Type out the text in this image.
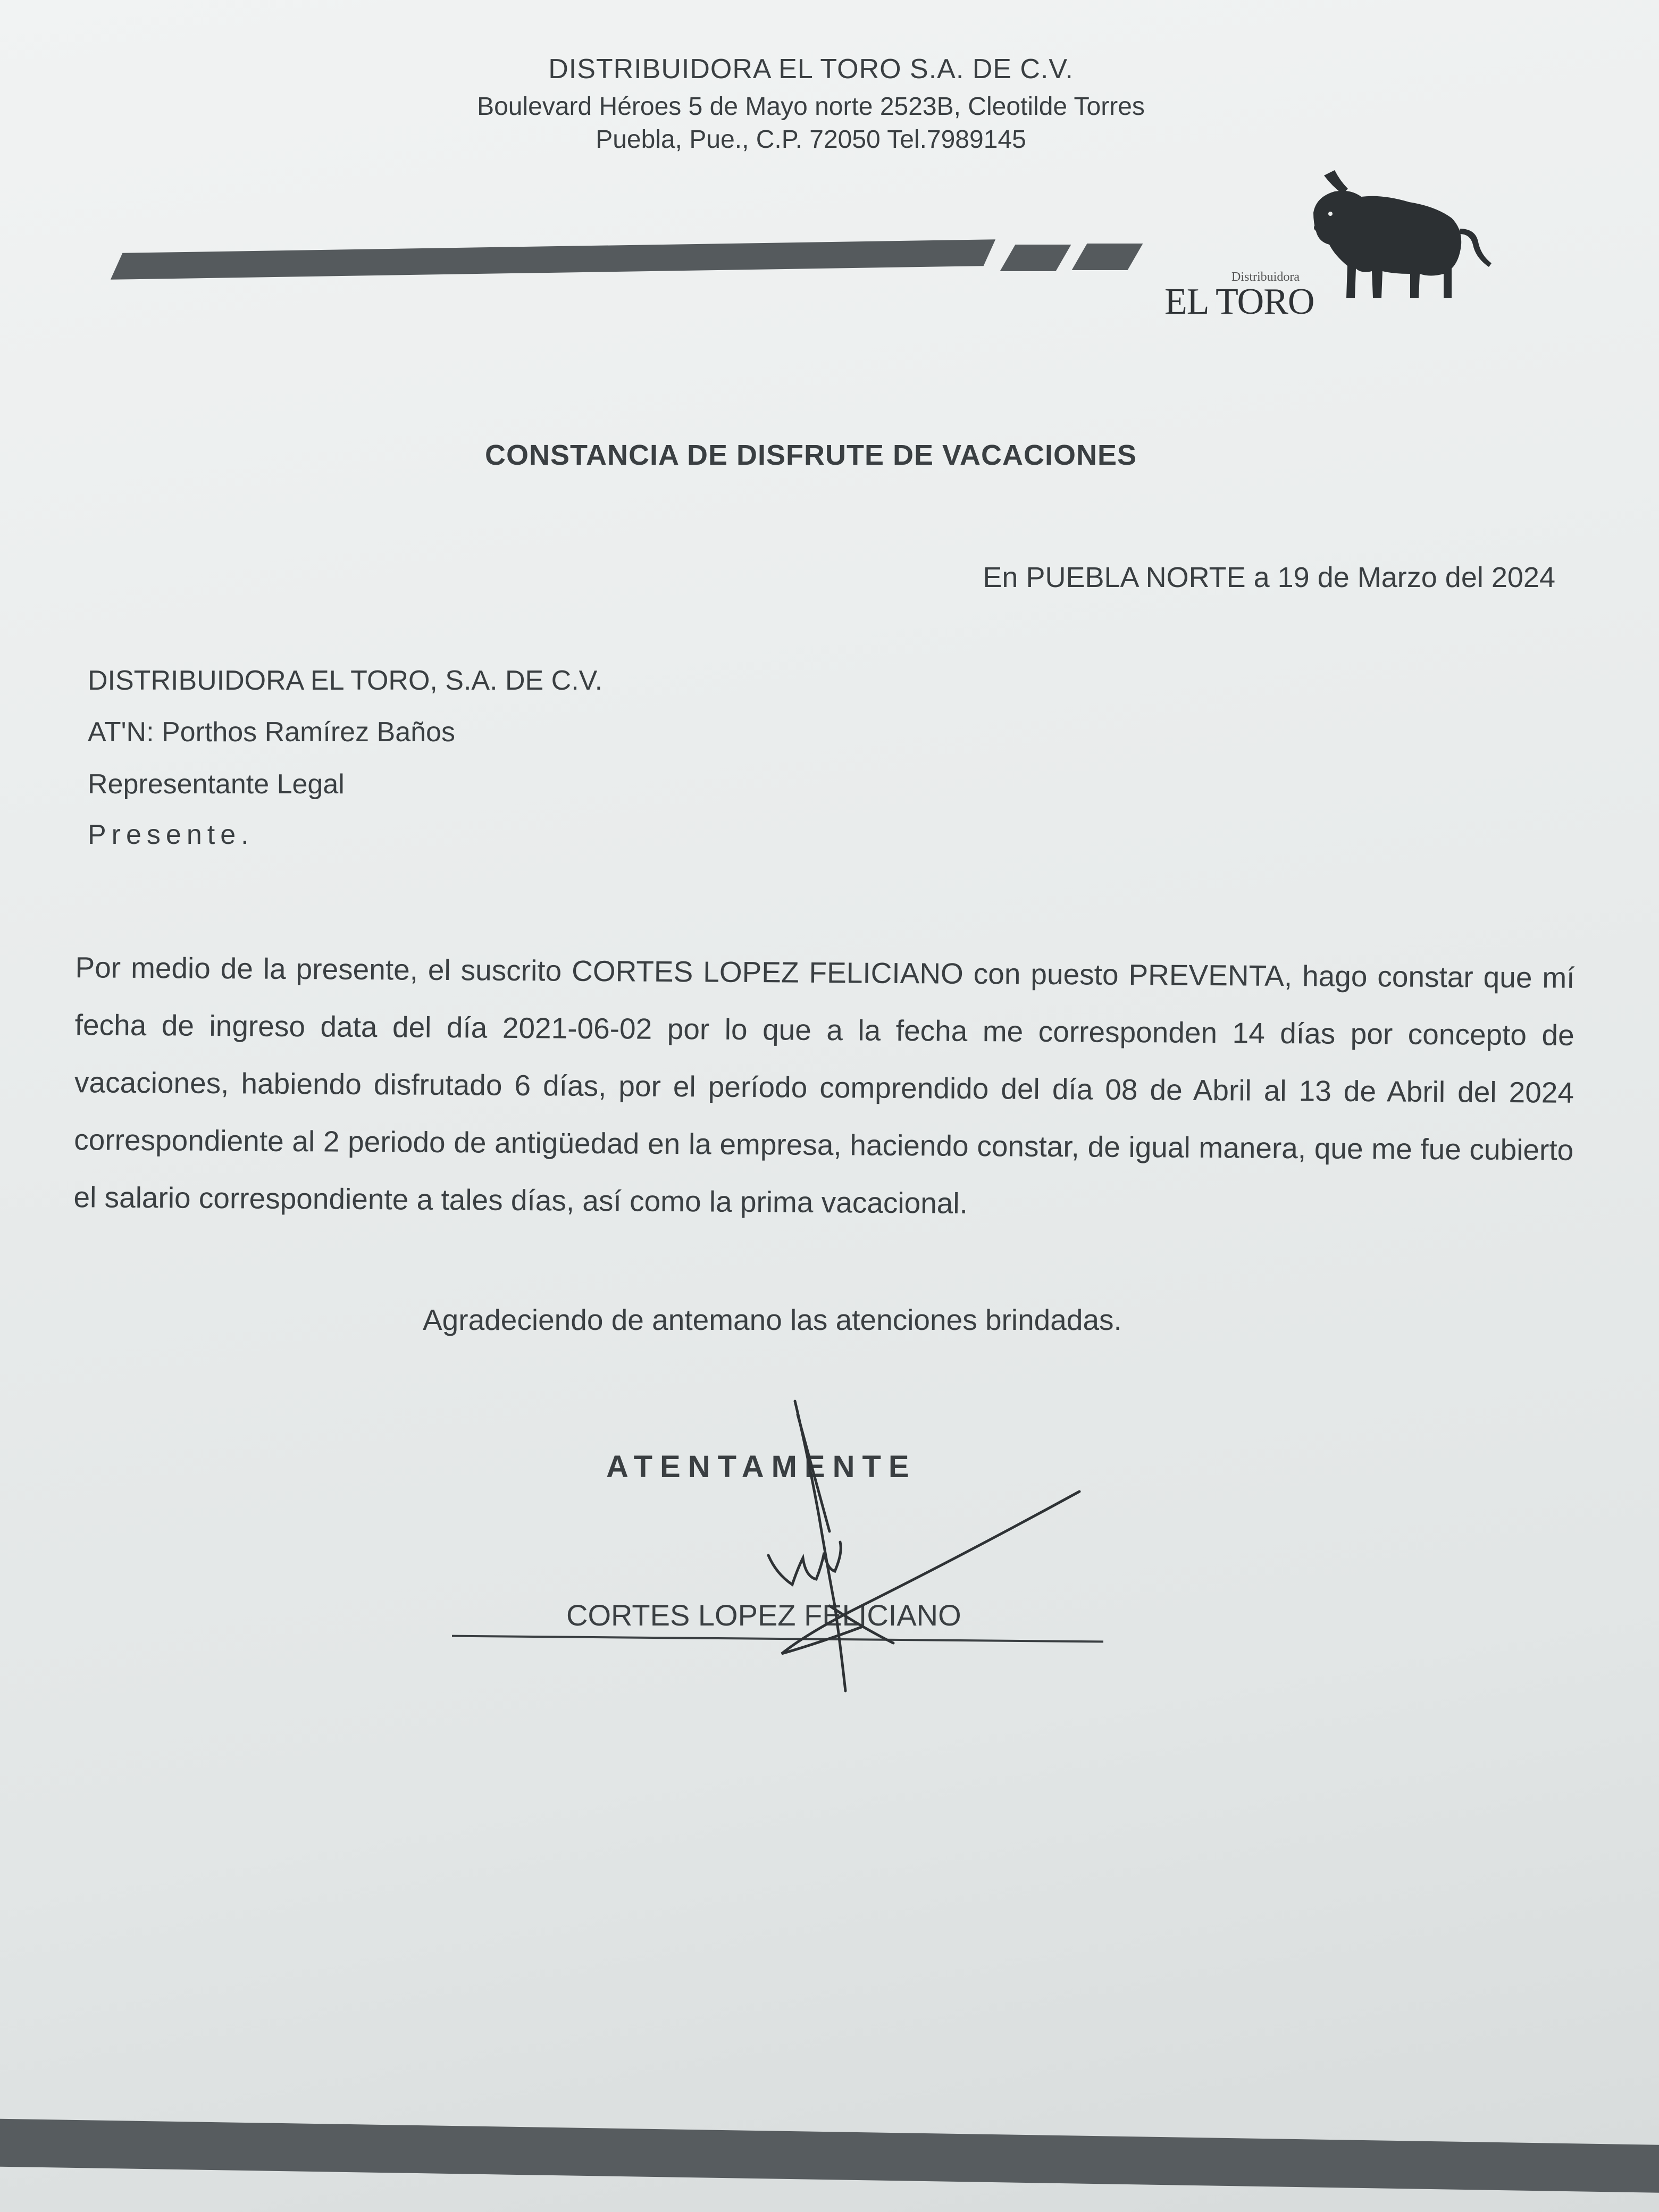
DISTRIBUIDORA EL TORO S.A. DE C.V.
Boulevard Héroes 5 de Mayo norte 2523B, Cleotilde Torres
Puebla, Pue., C.P. 72050 Tel.7989145
Distribuidora
EL TORO
CONSTANCIA DE DISFRUTE DE VACACIONES
En PUEBLA NORTE a 19 de Marzo del 2024
DISTRIBUIDORA EL TORO, S.A. DE C.V.
AT'N: Porthos Ramírez Baños
Representante Legal
Presente.
Por medio de la presente, el suscrito CORTES LOPEZ FELICIANO con puesto PREVENTA, hago constar que mí fecha de ingreso data del día 2021-06-02 por lo que a la fecha me corresponden 14 días por concepto de vacaciones, habiendo disfrutado 6 días, por el período comprendido del día 08 de Abril al 13 de Abril del 2024 correspondiente al 2 periodo de antigüedad en la empresa, haciendo constar, de igual manera, que me fue cubierto el salario correspondiente a tales días, así como la prima vacacional.
Agradeciendo de antemano las atenciones brindadas.
ATENTAMENTE
CORTES LOPEZ FELICIANO
